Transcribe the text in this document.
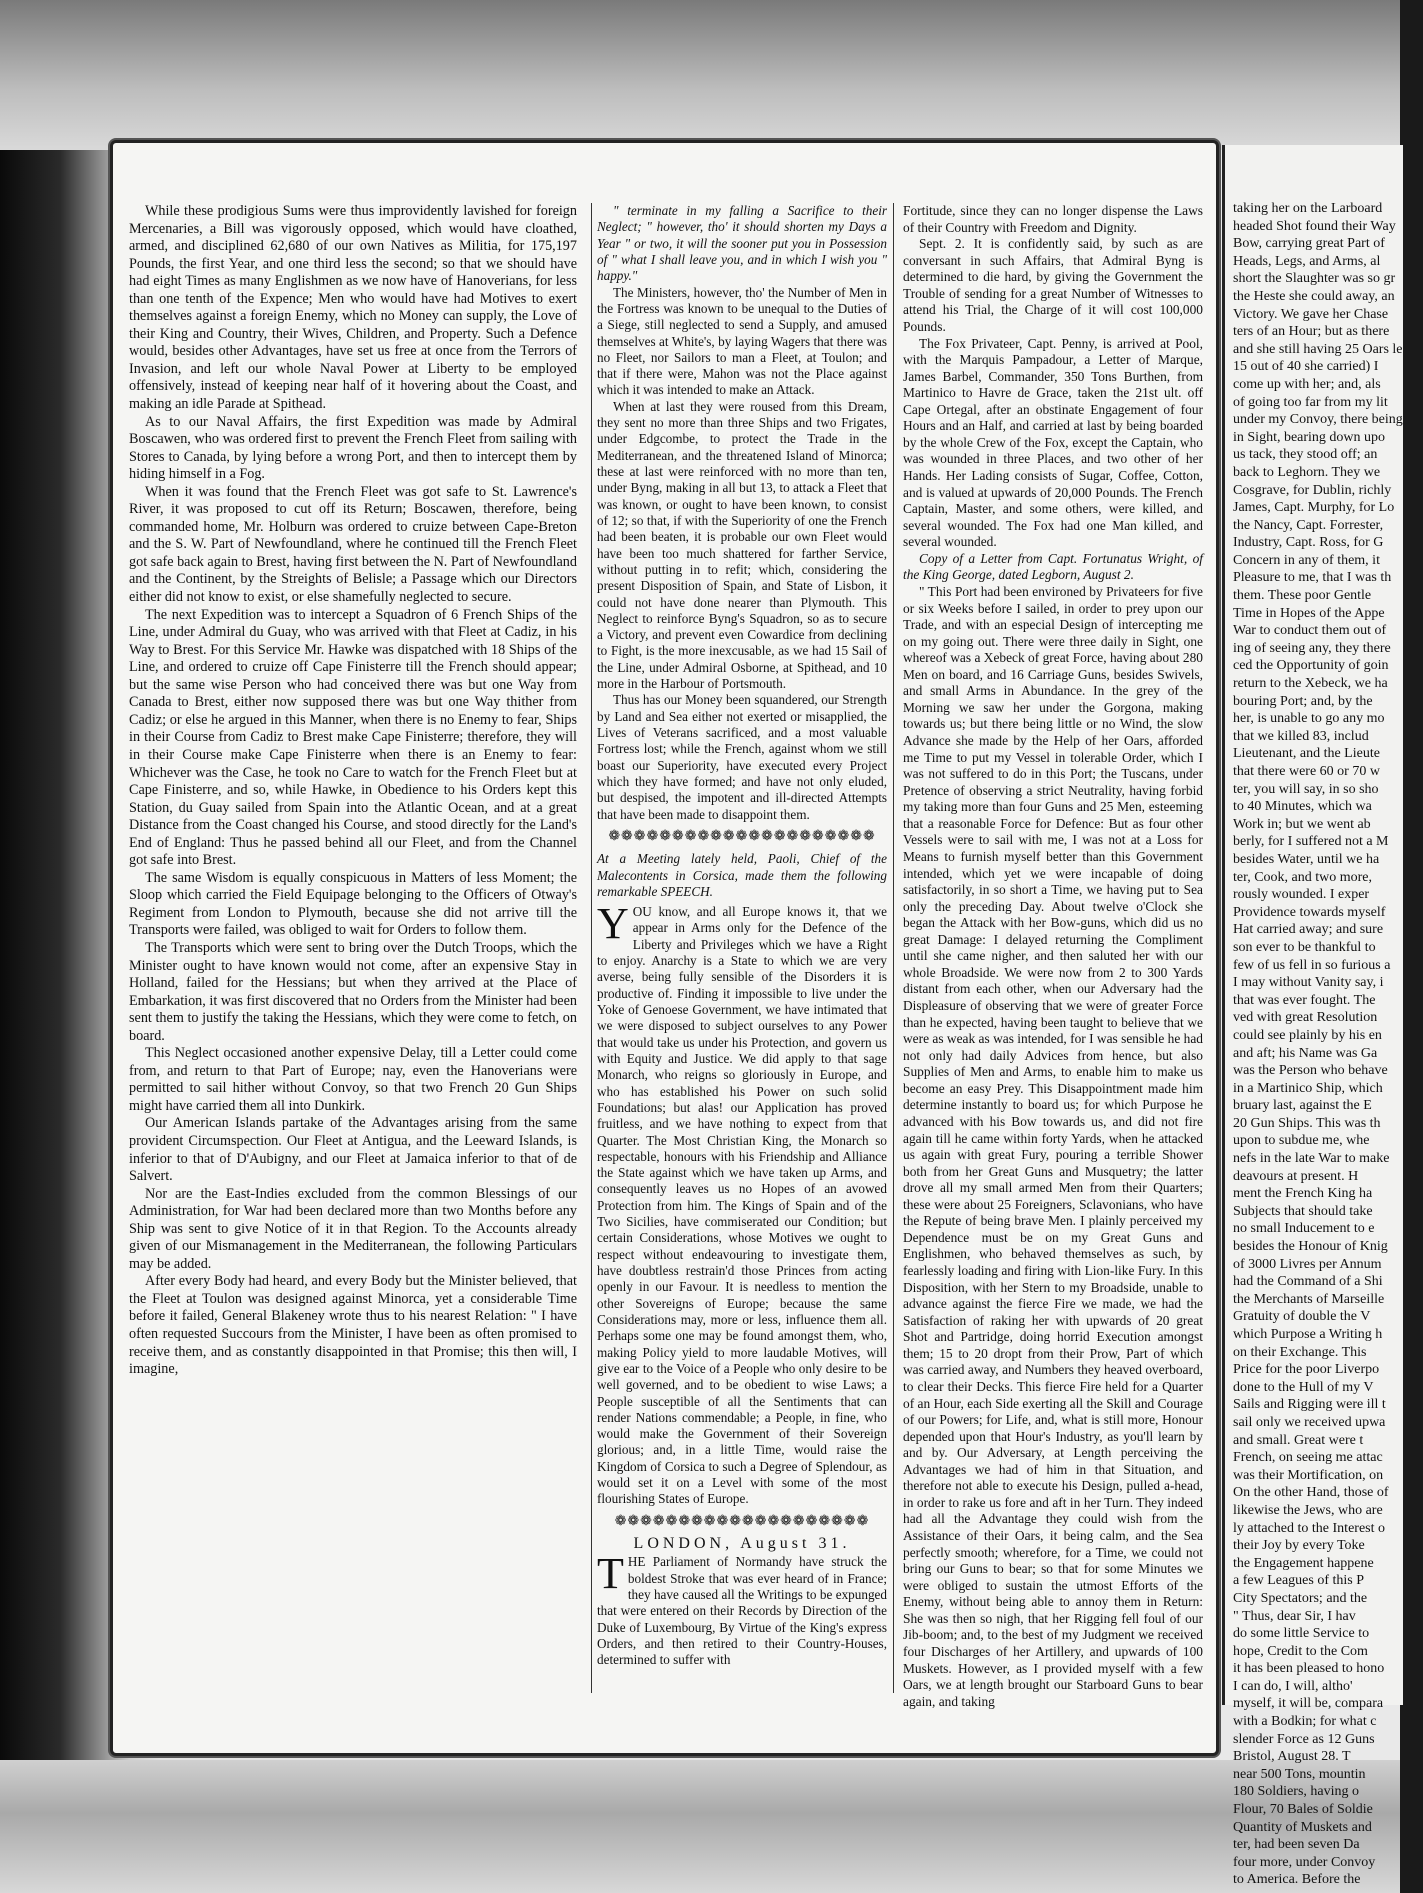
While these prodigious Sums were thus improvidently lavished for foreign Mercenaries, a Bill was vigorously opposed, which would have cloathed, armed, and disciplined 62,680 of our own Natives as Militia, for 175,197 Pounds, the first Year, and one third less the second; so that we should have had eight Times as many Englishmen as we now have of Hanoverians, for less than one tenth of the Expence; Men who would have had Motives to exert themselves against a foreign Enemy, which no Money can supply, the Love of their King and Country, their Wives, Children, and Property. Such a Defence would, besides other Advantages, have set us free at once from the Terrors of Invasion, and left our whole Naval Power at Liberty to be employed offensively, instead of keeping near half of it hovering about the Coast, and making an idle Parade at Spithead.

As to our Naval Affairs, the first Expedition was made by Admiral Boscawen, who was ordered first to prevent the French Fleet from sailing with Stores to Canada, by lying before a wrong Port, and then to intercept them by hiding himself in a Fog.

When it was found that the French Fleet was got safe to St. Lawrence's River, it was proposed to cut off its Return; Boscawen, therefore, being commanded home, Mr. Holburn was ordered to cruize between Cape-Breton and the S. W. Part of Newfoundland, where he continued till the French Fleet got safe back again to Brest, having first between the N. Part of Newfoundland and the Continent, by the Streights of Belisle; a Passage which our Directors either did not know to exist, or else shamefully neglected to secure.

The next Expedition was to intercept a Squadron of 6 French Ships of the Line, under Admiral du Guay, who was arrived with that Fleet at Cadiz, in his Way to Brest. For this Service Mr. Hawke was dispatched with 18 Ships of the Line, and ordered to cruize off Cape Finisterre till the French should appear; but the same wise Person who had conceived there was but one Way from Canada to Brest, either now supposed there was but one Way thither from Cadiz; or else he argued in this Manner, when there is no Enemy to fear, Ships in their Course from Cadiz to Brest make Cape Finisterre; therefore, they will in their Course make Cape Finisterre when there is an Enemy to fear: Whichever was the Case, he took no Care to watch for the French Fleet but at Cape Finisterre, and so, while Hawke, in Obedience to his Orders kept this Station, du Guay sailed from Spain into the Atlantic Ocean, and at a great Distance from the Coast changed his Course, and stood directly for the Land's End of England: Thus he passed behind all our Fleet, and from the Channel got safe into Brest.

The same Wisdom is equally conspicuous in Matters of less Moment; the Sloop which carried the Field Equipage belonging to the Officers of Otway's Regiment from London to Plymouth, because she did not arrive till the Transports were failed, was obliged to wait for Orders to follow them.

The Transports which were sent to bring over the Dutch Troops, which the Minister ought to have known would not come, after an expensive Stay in Holland, failed for the Hessians; but when they arrived at the Place of Embarkation, it was first discovered that no Orders from the Minister had been sent them to justify the taking the Hessians, which they were come to fetch, on board.

This Neglect occasioned another expensive Delay, till a Letter could come from, and return to that Part of Europe; nay, even the Hanoverians were permitted to sail hither without Convoy, so that two French 20 Gun Ships might have carried them all into Dunkirk.

Our American Islands partake of the Advantages arising from the same provident Circumspection. Our Fleet at Antigua, and the Leeward Islands, is inferior to that of D'Aubigny, and our Fleet at Jamaica inferior to that of de Salvert.

Nor are the East-Indies excluded from the common Blessings of our Administration, for War had been declared more than two Months before any Ship was sent to give Notice of it in that Region. To the Accounts already given of our Mismanagement in the Mediterranean, the following Particulars may be added.

After every Body had heard, and every Body but the Minister believed, that the Fleet at Toulon was designed against Minorca, yet a considerable Time before it failed, General Blakeney wrote thus to his nearest Relation: " I have often requested Succours from the Minister, I have been as often promised to receive them, and as constantly disappointed in that Promise; this then will, I imagine,

" terminate in my falling a Sacrifice to their Neglect; " however, tho' it should shorten my Days a Year " or two, it will the sooner put you in Possession of " what I shall leave you, and in which I wish you " happy."

The Ministers, however, tho' the Number of Men in the Fortress was known to be unequal to the Duties of a Siege, still neglected to send a Supply, and amused themselves at White's, by laying Wagers that there was no Fleet, nor Sailors to man a Fleet, at Toulon; and that if there were, Mahon was not the Place against which it was intended to make an Attack.

When at last they were roused from this Dream, they sent no more than three Ships and two Frigates, under Edgcombe, to protect the Trade in the Mediterranean, and the threatened Island of Minorca; these at last were reinforced with no more than ten, under Byng, making in all but 13, to attack a Fleet that was known, or ought to have been known, to consist of 12; so that, if with the Superiority of one the French had been beaten, it is probable our own Fleet would have been too much shattered for farther Service, without putting in to refit; which, considering the present Disposition of Spain, and State of Lisbon, it could not have done nearer than Plymouth. This Neglect to reinforce Byng's Squadron, so as to secure a Victory, and prevent even Cowardice from declining to Fight, is the more inexcusable, as we had 15 Sail of the Line, under Admiral Osborne, at Spithead, and 10 more in the Harbour of Portsmouth.

Thus has our Money been squandered, our Strength by Land and Sea either not exerted or misapplied, the Lives of Veterans sacrificed, and a most valuable Fortress lost; while the French, against whom we still boast our Superiority, have executed every Project which they have formed; and have not only eluded, but despised, the impotent and ill-directed Attempts that have been made to disappoint them.

❁❁❁❁❁❁❁❁❁❁❁❁❁❁❁❁❁❁❁❁❁

At a Meeting lately held, Paoli, Chief of the Malecontents in Corsica, made them the following remarkable SPEECH.

YOU know, and all Europe knows it, that we appear in Arms only for the Defence of the Liberty and Privileges which we have a Right to enjoy. Anarchy is a State to which we are very averse, being fully sensible of the Disorders it is productive of. Finding it impossible to live under the Yoke of Genoese Government, we have intimated that we were disposed to subject ourselves to any Power that would take us under his Protection, and govern us with Equity and Justice. We did apply to that sage Monarch, who reigns so gloriously in Europe, and who has established his Power on such solid Foundations; but alas! our Application has proved fruitless, and we have nothing to expect from that Quarter. The Most Christian King, the Monarch so respectable, honours with his Friendship and Alliance the State against which we have taken up Arms, and consequently leaves us no Hopes of an avowed Protection from him. The Kings of Spain and of the Two Sicilies, have commiserated our Condition; but certain Considerations, whose Motives we ought to respect without endeavouring to investigate them, have doubtless restrain'd those Princes from acting openly in our Favour. It is needless to mention the other Sovereigns of Europe; because the same Considerations may, more or less, influence them all. Perhaps some one may be found amongst them, who, making Policy yield to more laudable Motives, will give ear to the Voice of a People who only desire to be well governed, and to be obedient to wise Laws; a People susceptible of all the Sentiments that can render Nations commendable; a People, in fine, who would make the Government of their Sovereign glorious; and, in a little Time, would raise the Kingdom of Corsica to such a Degree of Splendour, as would set it on a Level with some of the most flourishing States of Europe.

❁❁❁❁❁❁❁❁❁❁❁❁❁❁❁❁❁❁❁❁
LONDON, August 31.

THE Parliament of Normandy have struck the boldest Stroke that was ever heard of in France; they have caused all the Writings to be expunged that were entered on their Records by Direction of the Duke of Luxembourg, By Virtue of the King's express Orders, and then retired to their Country-Houses, determined to suffer with

Fortitude, since they can no longer dispense the Laws of their Country with Freedom and Dignity.

Sept. 2. It is confidently said, by such as are conversant in such Affairs, that Admiral Byng is determined to die hard, by giving the Government the Trouble of sending for a great Number of Witnesses to attend his Trial, the Charge of it will cost 100,000 Pounds.

The Fox Privateer, Capt. Penny, is arrived at Pool, with the Marquis Pampadour, a Letter of Marque, James Barbel, Commander, 350 Tons Burthen, from Martinico to Havre de Grace, taken the 21st ult. off Cape Ortegal, after an obstinate Engagement of four Hours and an Half, and carried at last by being boarded by the whole Crew of the Fox, except the Captain, who was wounded in three Places, and two other of her Hands. Her Lading consists of Sugar, Coffee, Cotton, and is valued at upwards of 20,000 Pounds. The French Captain, Master, and some others, were killed, and several wounded. The Fox had one Man killed, and several wounded.

Copy of a Letter from Capt. Fortunatus Wright, of the King George, dated Legborn, August 2.

" This Port had been environed by Privateers for five or six Weeks before I sailed, in order to prey upon our Trade, and with an especial Design of intercepting me on my going out. There were three daily in Sight, one whereof was a Xebeck of great Force, having about 280 Men on board, and 16 Carriage Guns, besides Swivels, and small Arms in Abundance. In the grey of the Morning we saw her under the Gorgona, making towards us; but there being little or no Wind, the slow Advance she made by the Help of her Oars, afforded me Time to put my Vessel in tolerable Order, which I was not suffered to do in this Port; the Tuscans, under Pretence of observing a strict Neutrality, having forbid my taking more than four Guns and 25 Men, esteeming that a reasonable Force for Defence: But as four other Vessels were to sail with me, I was not at a Loss for Means to furnish myself better than this Government intended, which yet we were incapable of doing satisfactorily, in so short a Time, we having put to Sea only the preceding Day. About twelve o'Clock she began the Attack with her Bow-guns, which did us no great Damage: I delayed returning the Compliment until she came nigher, and then saluted her with our whole Broadside. We were now from 2 to 300 Yards distant from each other, when our Adversary had the Displeasure of observing that we were of greater Force than he expected, having been taught to believe that we were as weak as was intended, for I was sensible he had not only had daily Advices from hence, but also Supplies of Men and Arms, to enable him to make us become an easy Prey. This Disappointment made him determine instantly to board us; for which Purpose he advanced with his Bow towards us, and did not fire again till he came within forty Yards, when he attacked us again with great Fury, pouring a terrible Shower both from her Great Guns and Musquetry; the latter drove all my small armed Men from their Quarters; these were about 25 Foreigners, Sclavonians, who have the Repute of being brave Men. I plainly perceived my Dependence must be on my Great Guns and Englishmen, who behaved themselves as such, by fearlessly loading and firing with Lion-like Fury. In this Disposition, with her Stern to my Broadside, unable to advance against the fierce Fire we made, we had the Satisfaction of raking her with upwards of 20 great Shot and Partridge, doing horrid Execution amongst them; 15 to 20 dropt from their Prow, Part of which was carried away, and Numbers they heaved overboard, to clear their Decks. This fierce Fire held for a Quarter of an Hour, each Side exerting all the Skill and Courage of our Powers; for Life, and, what is still more, Honour depended upon that Hour's Industry, as you'll learn by and by. Our Adversary, at Length perceiving the Advantages we had of him in that Situation, and therefore not able to execute his Design, pulled a-head, in order to rake us fore and aft in her Turn. They indeed had all the Advantage they could wish from the Assistance of their Oars, it being calm, and the Sea perfectly smooth; wherefore, for a Time, we could not bring our Guns to bear; so that for some Minutes we were obliged to sustain the utmost Efforts of the Enemy, without being able to annoy them in Return: She was then so nigh, that her Rigging fell foul of our Jib-boom; and, to the best of my Judgment we received four Discharges of her Artillery, and upwards of 100 Muskets. However, as I provided myself with a few Oars, we at length brought our Starboard Guns to bear again, and taking

taking her on the Larboard
headed Shot found their Way
Bow, carrying great Part of
Heads, Legs, and Arms, al
short the Slaughter was so gr
the Heste she could away, an
Victory. We gave her Chase
ters of an Hour; but as there
and she still having 25 Oars le
15 out of 40 she carried) I
come up with her; and, als
of going too far from my lit
under my Convoy, there being
in Sight, bearing down upo
us tack, they stood off; an
back to Leghorn. They we
Cosgrave, for Dublin, richly
James, Capt. Murphy, for Lo
the Nancy, Capt. Forrester,
Industry, Capt. Ross, for G
Concern in any of them, it
Pleasure to me, that I was th
them. These poor Gentle
Time in Hopes of the Appe
War to conduct them out of
ing of seeing any, they there
ced the Opportunity of goin
return to the Xebeck, we ha
bouring Port; and, by the
her, is unable to go any mo
that we killed 83, includ
Lieutenant, and the Lieute
that there were 60 or 70 w
ter, you will say, in so sho
to 40 Minutes, which wa
Work in; but we went ab
berly, for I suffered not a M
besides Water, until we ha
ter, Cook, and two more,
rously wounded. I exper
Providence towards myself
Hat carried away; and sure
son ever to be thankful to
few of us fell in so furious a
I may without Vanity say, i
that was ever fought. The
ved with great Resolution
could see plainly by his en
and aft; his Name was Ga
was the Person who behave
in a Martinico Ship, which
bruary last, against the E
20 Gun Ships. This was th
upon to subdue me, whe
nefs in the late War to make
deavours at present. H
ment the French King ha
Subjects that should take
no small Inducement to e
besides the Honour of Knig
of 3000 Livres per Annum
had the Command of a Shi
the Merchants of Marseille
Gratuity of double the V
which Purpose a Writing h
on their Exchange. This
Price for the poor Liverpo
done to the Hull of my V
Sails and Rigging were ill t
sail only we received upwa
and small. Great were t
French, on seeing me attac
was their Mortification, on
On the other Hand, those of
likewise the Jews, who are
ly attached to the Interest o
their Joy by every Toke
the Engagement happene
a few Leagues of this P
City Spectators; and the
" Thus, dear Sir, I hav
do some little Service to
hope, Credit to the Com
it has been pleased to hono
I can do, I will, altho'
myself, it will be, compara
with a Bodkin; for what c
slender Force as 12 Guns
Bristol, August 28. T
near 500 Tons, mountin
180 Soldiers, having o
Flour, 70 Bales of Soldie
Quantity of Muskets and
ter, had been seven Da
four more, under Convoy
to America. Before the
